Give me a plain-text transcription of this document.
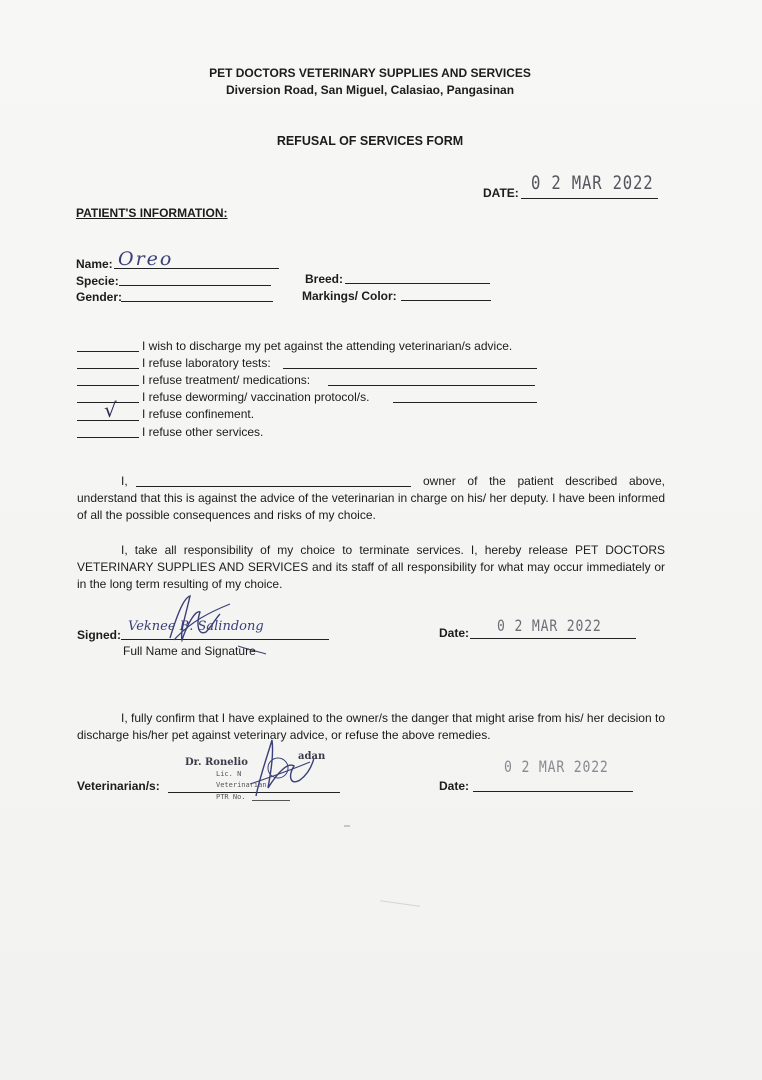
PET DOCTORS VETERINARY SUPPLIES AND SERVICES
Diversion Road, San Miguel, Calasiao, Pangasinan
REFUSAL OF SERVICES FORM
DATE: 0 2 MAR 2022
PATIENT'S INFORMATION:
Name: Oreo
Specie:
Gender:
Breed:
Markings/ Color:
I wish to discharge my pet against the attending veterinarian/s advice.
I refuse laboratory tests:
I refuse treatment/ medications:
I refuse deworming/ vaccination protocol/s.
√ I refuse confinement.
I refuse other services.
I,	owner of the patient described above,
understand that this is against the advice of the veterinarian in charge on his/ her deputy. I have been informed of all the possible consequences and risks of my choice.
I, take all responsibility of my choice to terminate services. I, hereby release PET DOCTORS VETERINARY SUPPLIES AND SERVICES and its staff of all responsibility for what may occur immediately or in the long term resulting of my choice.
Signed:
Veknee B. Salindong
Full Name and Signature
Date: 0 2 MAR 2022
I, fully confirm that I have explained to the owner/s the danger that might arise from his/ her decision to discharge his/her pet against veterinary advice, or refuse the above remedies.
Veterinarian/s:
Dr. Ronelio
adan
Lic. N
Veterinarian
PTR No.
Date:
0 2 MAR 2022
